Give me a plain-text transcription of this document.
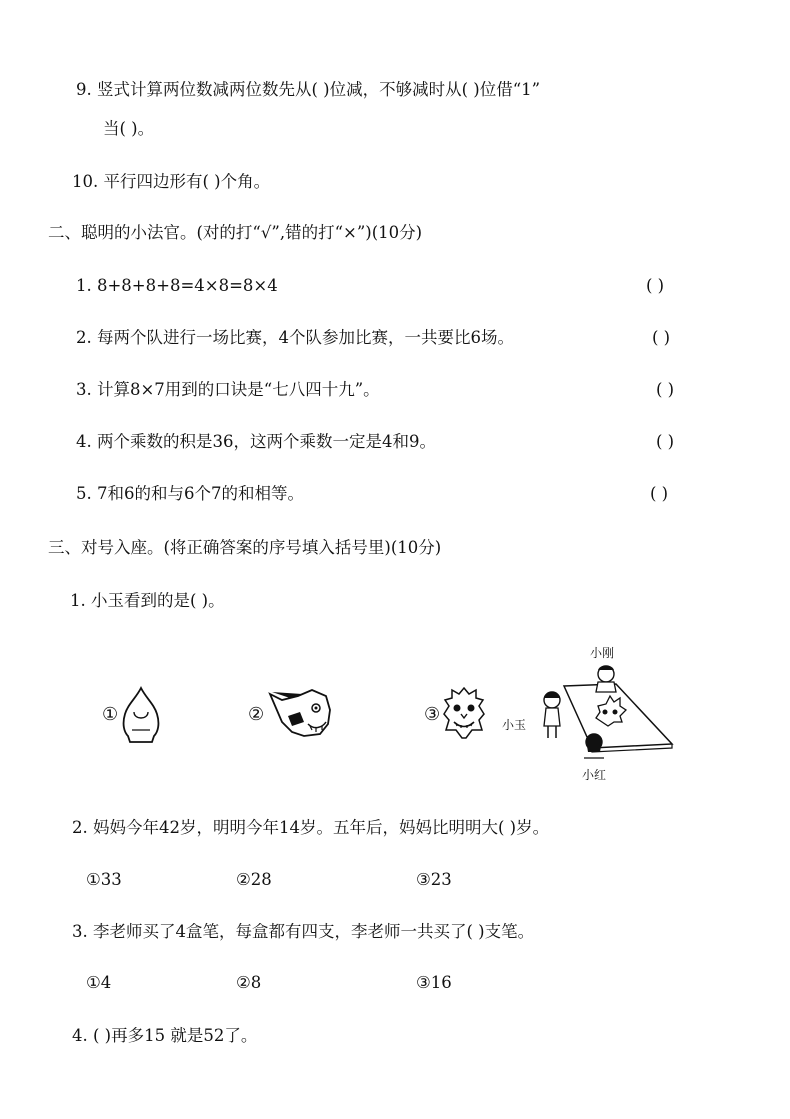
9. 竖式计算两位数减两位数先从( )位减，不够减时从( )位借“1”
当( )。
10. 平行四边形有( )个角。
二、聪明的小法官。(对的打“√”,错的打“×”)(10分)
1. 8+8+8+8=4×8=8×4	( )
2. 每两个队进行一场比赛，4个队参加比赛，一共要比6场。	( )
3. 计算8×7用到的口诀是“七八四十九”。	( )
4. 两个乘数的积是36，这两个乘数一定是4和9。	( )
5. 7和6的和与6个7的和相等。	( )
三、对号入座。(将正确答案的序号填入括号里)(10分)
1. 小玉看到的是( )。
①	②	③
小刚
小玉
小红
2. 妈妈今年42岁，明明今年14岁。五年后，妈妈比明明大( )岁。
①33	②28	③23
3. 李老师买了4盒笔，每盒都有四支，李老师一共买了( )支笔。
①4	②8	③16
4. ( )再多15 就是52了。
